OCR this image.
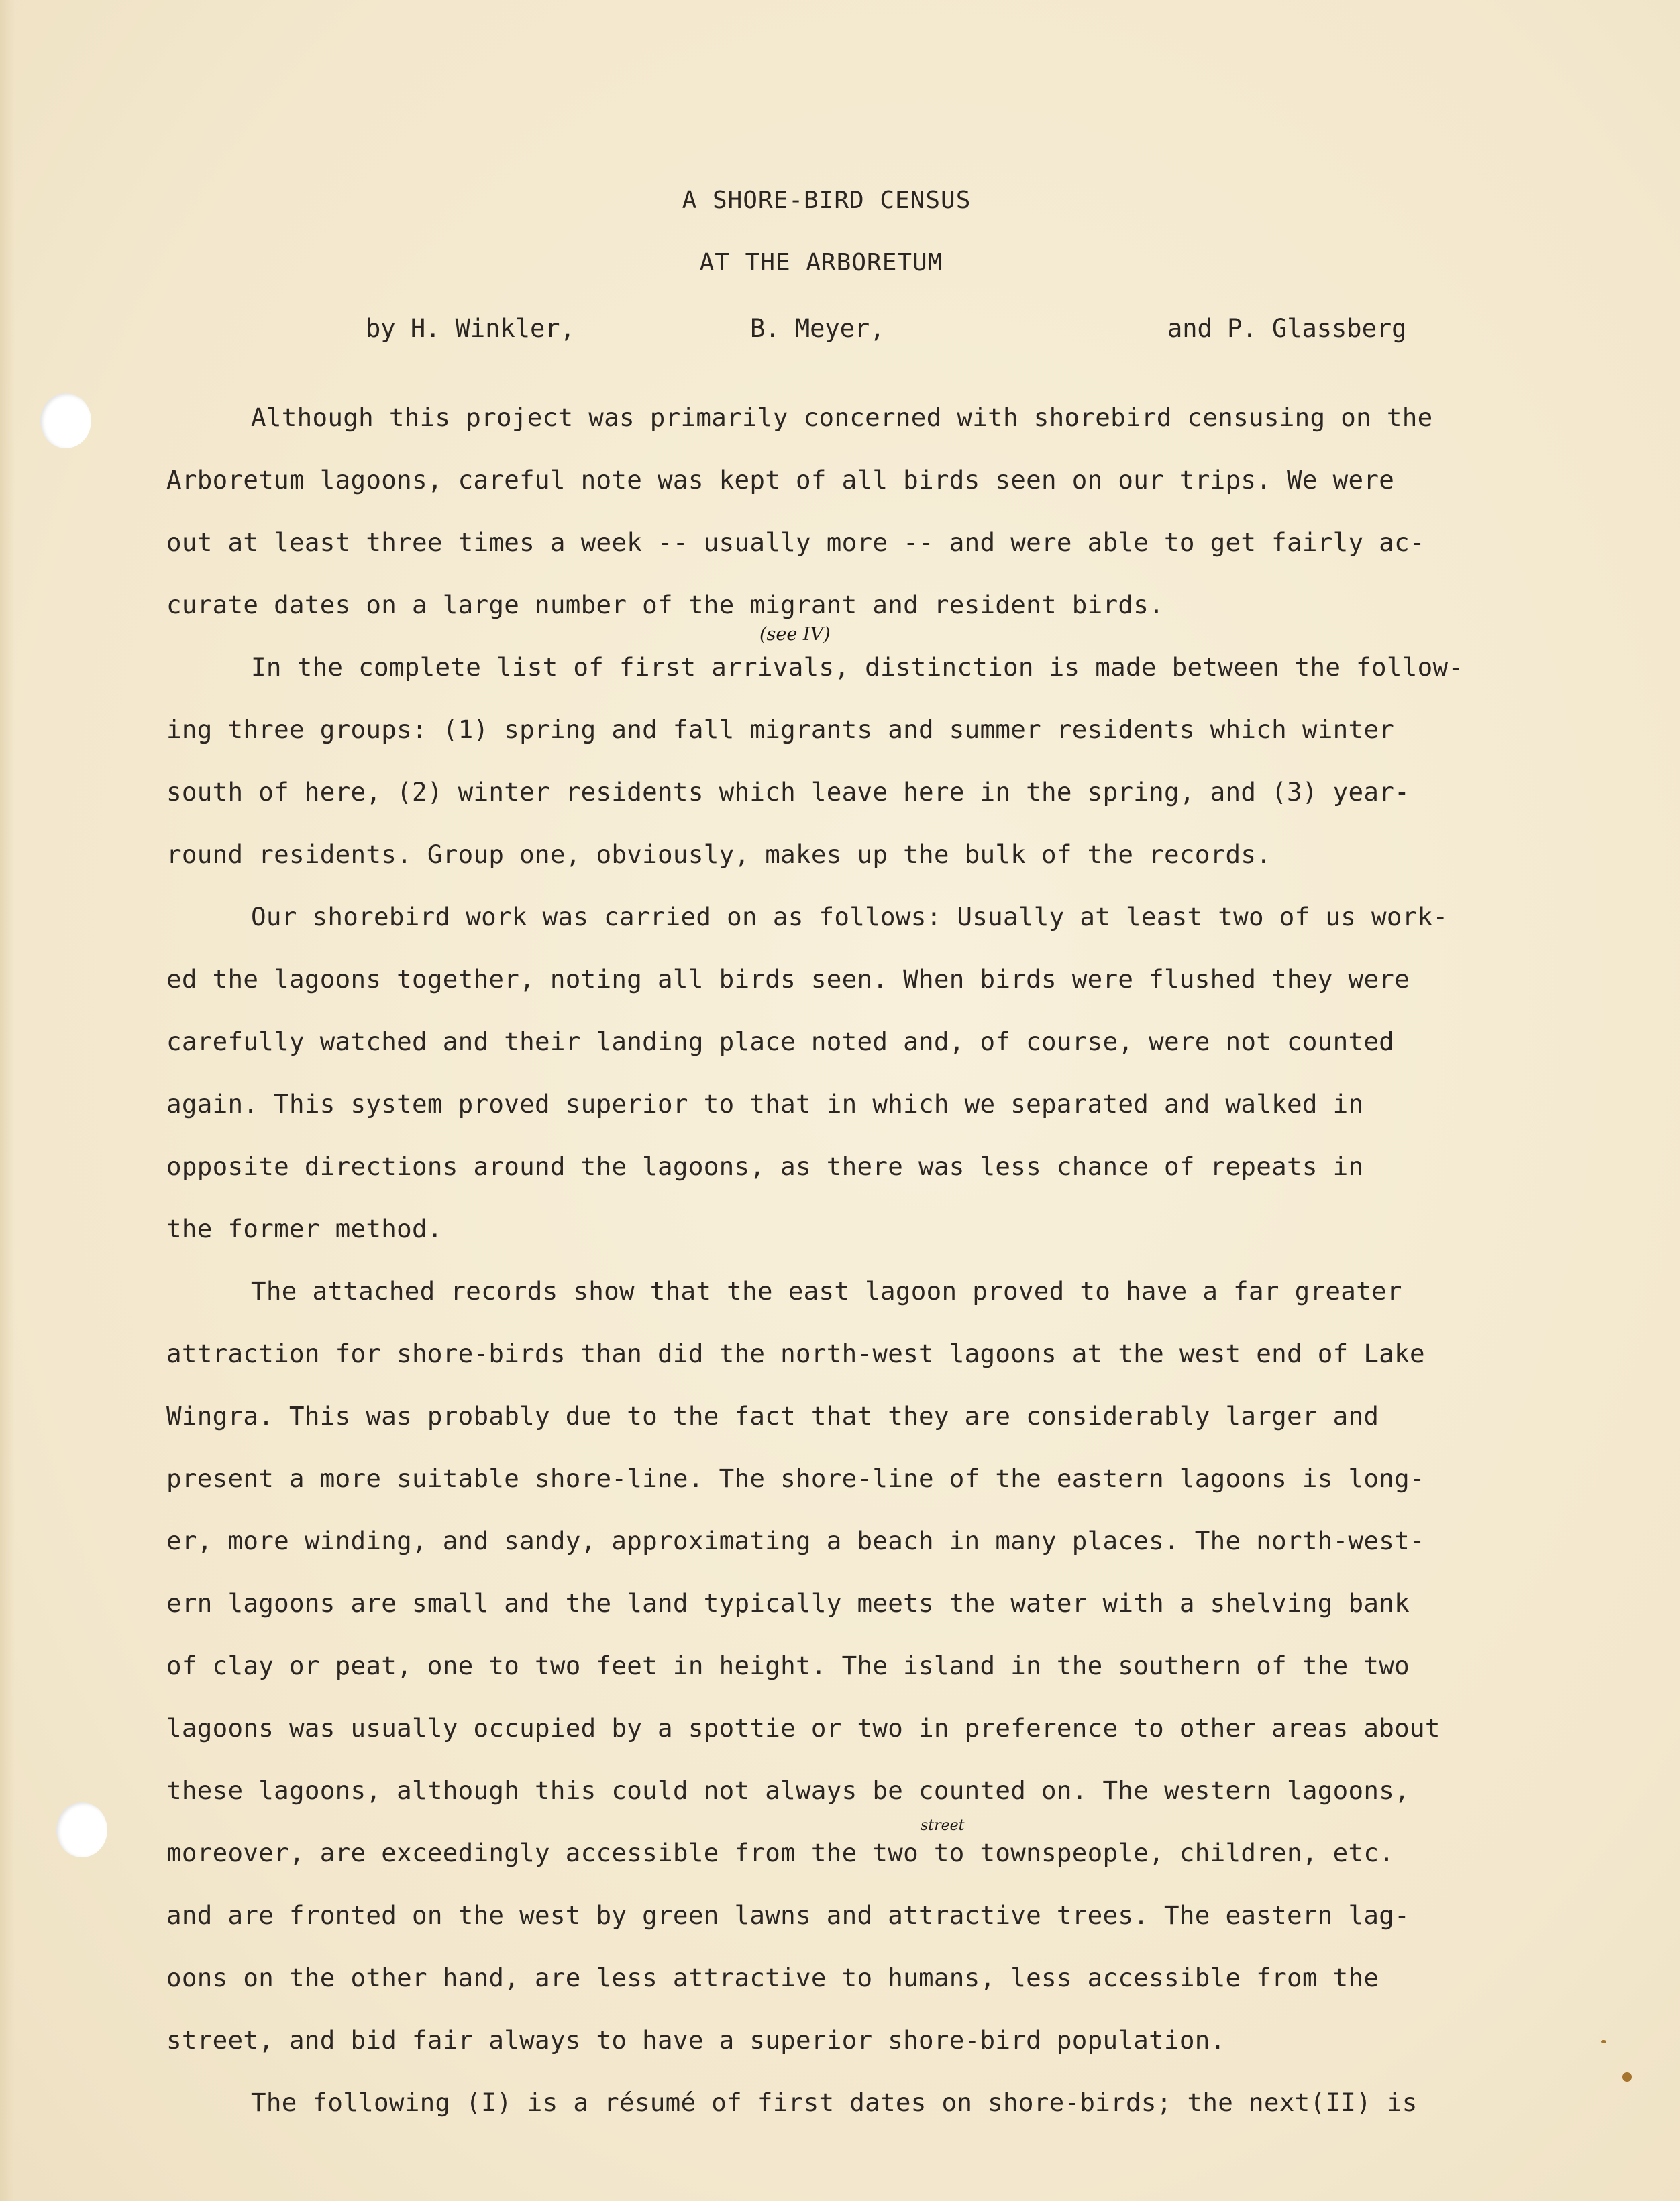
A SHORE-BIRD CENSUS
AT THE ARBORETUM
by H. Winkler,	B. Meyer,	and P. Glassberg
Although this project was primarily concerned with shorebird censusing on the
Arboretum lagoons, careful note was kept of all birds seen on our trips. We were
out at least three times a week -- usually more -- and were able to get fairly ac-
curate dates on a large number of the migrant and resident birds.
(see IV)
In the complete list of first arrivals, distinction is made between the follow-
ing three groups: (1) spring and fall migrants and summer residents which winter
south of here, (2) winter residents which leave here in the spring, and (3) year-
round residents. Group one, obviously, makes up the bulk of the records.
Our shorebird work was carried on as follows: Usually at least two of us work-
ed the lagoons together, noting all birds seen. When birds were flushed they were
carefully watched and their landing place noted and, of course, were not counted
again. This system proved superior to that in which we separated and walked in
opposite directions around the lagoons, as there was less chance of repeats in
the former method.
The attached records show that the east lagoon proved to have a far greater
attraction for shore-birds than did the north-west lagoons at the west end of Lake
Wingra. This was probably due to the fact that they are considerably larger and
present a more suitable shore-line. The shore-line of the eastern lagoons is long-
er, more winding, and sandy, approximating a beach in many places. The north-west-
ern lagoons are small and the land typically meets the water with a shelving bank
of clay or peat, one to two feet in height. The island in the southern of the two
lagoons was usually occupied by a spottie or two in preference to other areas about
these lagoons, although this could not always be counted on. The western lagoons,
street
moreover, are exceedingly accessible from the two to townspeople, children, etc.
and are fronted on the west by green lawns and attractive trees. The eastern lag-
oons on the other hand, are less attractive to humans, less accessible from the
street, and bid fair always to have a superior shore-bird population.
The following (I) is a résumé of first dates on shore-birds; the next(II) is
